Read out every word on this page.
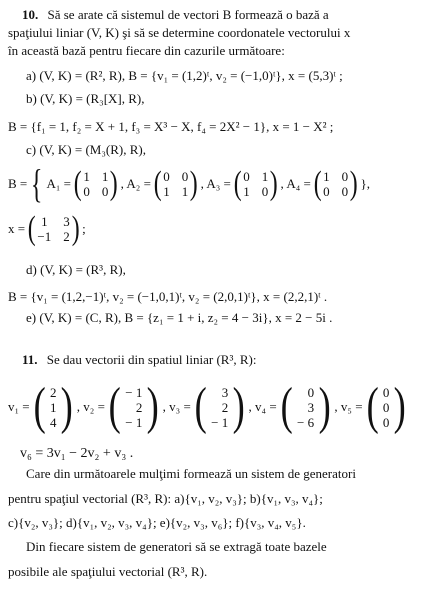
10. Să se arate că sistemul de vectori B formează o bază a
spaţiului liniar (V, K) şi să se determine coordonatele vectorului x
în această bază pentru fiecare din cazurile următoare:
a) (V, K) = (R², R), B = {v₁ = (1,2)ᵗ, v₂ = (−1,0)ᵗ}, x = (5,3)ᵗ ;
b) (V, K) = (R₃[X], R),
B = {f₁ = 1, f₂ = X + 1, f₃ = X³ − X, f₄ = 2X² − 1}, x = 1 − X² ;
c) (V, K) = (M₃(R), R),
B = { A₁ = ( 1 1
0 0 ) , A₂ = ( 0 0
1 1 ) , A₃ = ( 0 1
1 0 ) , A₄ = ( 1 0
0 0 ) },
x = ( 1 3
−1 2 ) ;
d) (V, K) = (R³, R),
B = {v₁ = (1,2,−1)ᵗ, v₂ = (−1,0,1)ᵗ, v₂ = (2,0,1)ᵗ}, x = (2,2,1)ᵗ .
e) (V, K) = (C, R), B = {z₁ = 1 + i, z₂ = 4 − 3i}, x = 2 − 5i .
11. Se dau vectorii din spatiul liniar (R³, R):
v₁ = ( 2
1
4 ) , v₂ = ( − 1
2
− 1 ) , v₃ = (	3
2
− 1 ) , v₄ = (	0
3
− 6 ) , v₅ = ( 0
0
0 )
v₆ = 3v₁ − 2v₂ + v₃ .
Care din următoarele mulţimi formează un sistem de generatori
pentru spaţiul vectorial (R³, R): a){v₁, v₂, v₃}; b){v₁, v₃, v₄};
c){v₂, v₃}; d){v₁, v₂, v₃, v₄}; e){v₂, v₃, v₆}; f){v₃, v₄, v₅}.
Din fiecare sistem de generatori să se extragă toate bazele
posibile ale spaţiului vectorial (R³, R).
